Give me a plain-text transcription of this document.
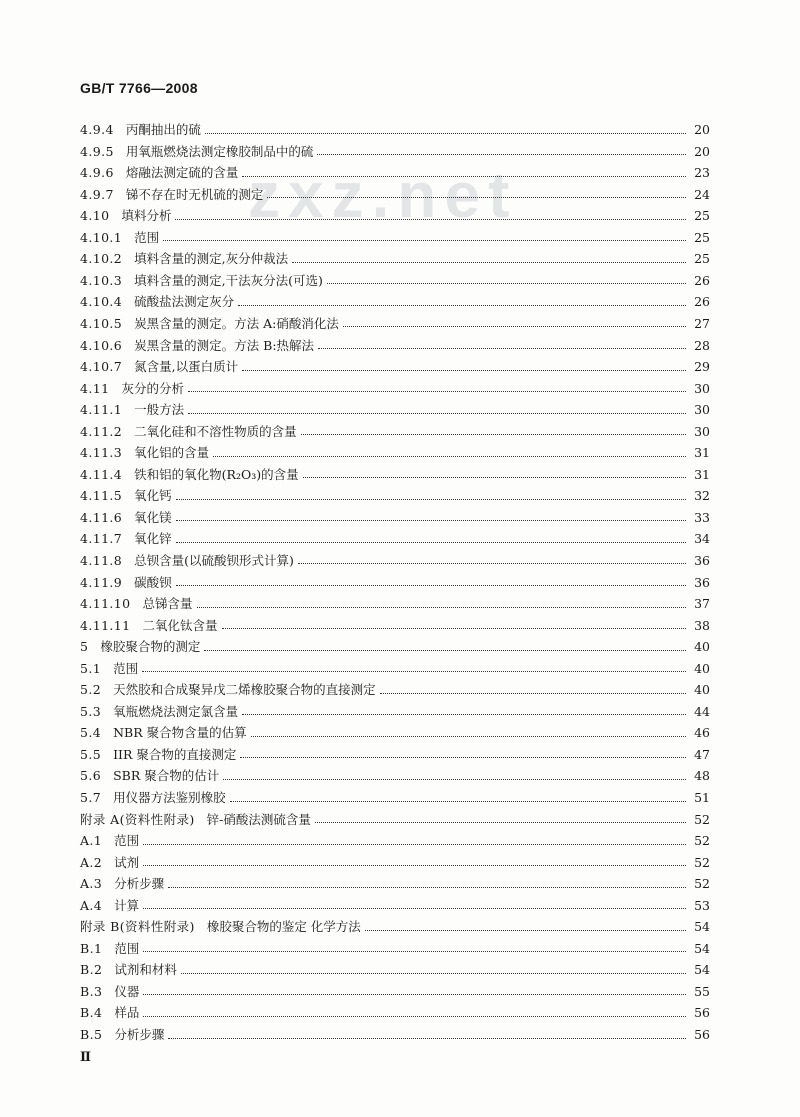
GB/T 7766—2008
zxz.net
4.9.4 丙酮抽出的硫	20
4.9.5 用氧瓶燃烧法测定橡胶制品中的硫	20
4.9.6 熔融法测定硫的含量	23
4.9.7 锑不存在时无机硫的测定	24
4.10 填料分析	25
4.10.1 范围	25
4.10.2 填料含量的测定,灰分仲裁法	25
4.10.3 填料含量的测定,干法灰分法(可选)	26
4.10.4 硫酸盐法测定灰分	26
4.10.5 炭黑含量的测定。方法 A:硝酸消化法	27
4.10.6 炭黑含量的测定。方法 B:热解法	28
4.10.7 氮含量,以蛋白质计	29
4.11 灰分的分析	30
4.11.1 一般方法	30
4.11.2 二氧化硅和不溶性物质的含量	30
4.11.3 氧化铝的含量	31
4.11.4 铁和铝的氧化物(R₂O₃)的含量	31
4.11.5 氧化钙	32
4.11.6 氧化镁	33
4.11.7 氧化锌	34
4.11.8 总钡含量(以硫酸钡形式计算)	36
4.11.9 碳酸钡	36
4.11.10 总锑含量	37
4.11.11 二氧化钛含量	38
5 橡胶聚合物的测定	40
5.1 范围	40
5.2 天然胶和合成聚异戊二烯橡胶聚合物的直接测定	40
5.3 氧瓶燃烧法测定氯含量	44
5.4 NBR 聚合物含量的估算	46
5.5 IIR 聚合物的直接测定	47
5.6 SBR 聚合物的估计	48
5.7 用仪器方法鉴别橡胶	51
附录 A(资料性附录) 锌-硝酸法测硫含量	52
A.1 范围	52
A.2 试剂	52
A.3 分析步骤	52
A.4 计算	53
附录 B(资料性附录) 橡胶聚合物的鉴定 化学方法	54
B.1 范围	54
B.2 试剂和材料	54
B.3 仪器	55
B.4 样品	56
B.5 分析步骤	56
Ⅱ
